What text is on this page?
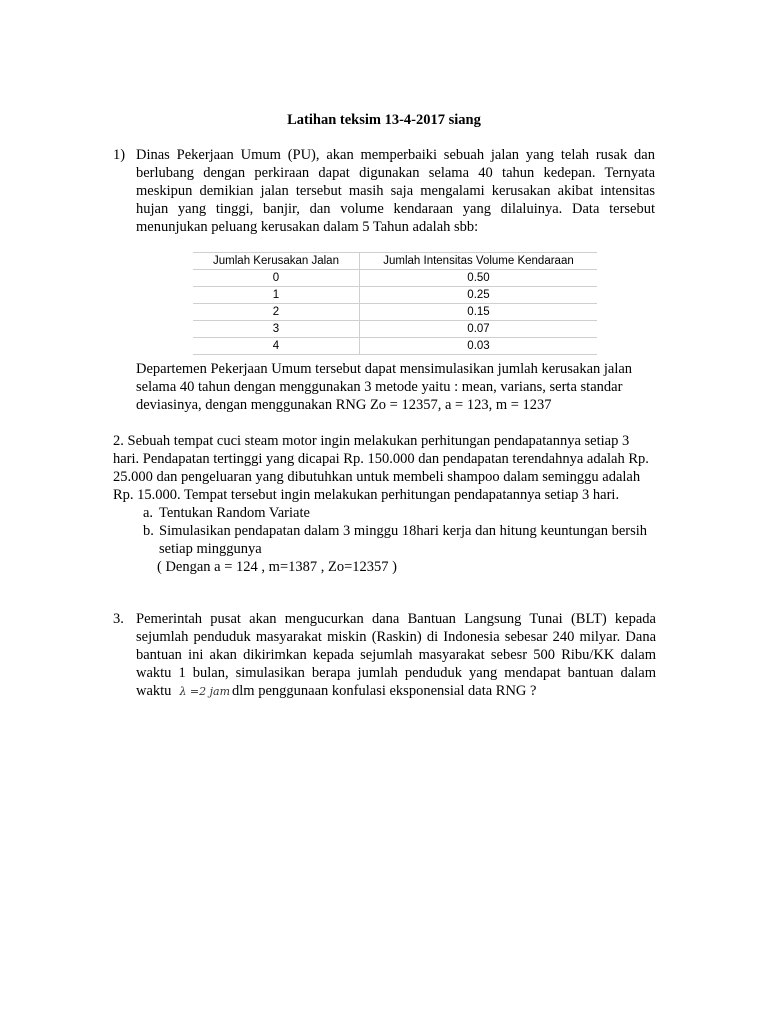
Latihan teksim 13-4-2017 siang
1) Dinas Pekerjaan Umum (PU), akan memperbaiki sebuah jalan yang telah rusak dan berlubang dengan perkiraan dapat digunakan selama 40 tahun kedepan. Ternyata meskipun demikian jalan tersebut masih saja mengalami kerusakan akibat intensitas hujan yang tinggi, banjir, dan volume kendaraan yang dilaluinya. Data tersebut menunjukan peluang kerusakan dalam 5 Tahun adalah sbb:
Jumlah Kerusakan Jalan	Jumlah Intensitas Volume Kendaraan
0	0.50
1	0.25
2	0.15
3	0.07
4	0.03
Departemen Pekerjaan Umum tersebut dapat mensimulasikan jumlah kerusakan jalan selama 40 tahun dengan menggunakan 3 metode yaitu : mean, varians, serta standar deviasinya, dengan menggunakan RNG Zo = 12357, a = 123, m = 1237
2. Sebuah tempat cuci steam motor ingin melakukan perhitungan pendapatannya setiap 3 hari. Pendapatan tertinggi yang dicapai Rp. 150.000 dan pendapatan terendahnya adalah Rp. 25.000 dan pengeluaran yang dibutuhkan untuk membeli shampoo dalam seminggu adalah Rp. 15.000. Tempat tersebut ingin melakukan perhitungan pendapatannya setiap 3 hari.
a. Tentukan Random Variate
b. Simulasikan pendapatan dalam 3 minggu 18hari kerja dan hitung keuntungan bersih setiap minggunya
( Dengan a = 124 , m=1387 , Zo=12357 )
3. Pemerintah pusat akan mengucurkan dana Bantuan Langsung Tunai (BLT) kepada sejumlah penduduk masyarakat miskin (Raskin) di Indonesia sebesar 240 milyar. Dana bantuan ini akan dikirimkan kepada sejumlah masyarakat sebesr 500 Ribu/KK dalam waktu 1 bulan, simulasikan berapa jumlah penduduk yang mendapat bantuan dalam waktu λ =2 jam dlm penggunaan konfulasi eksponensial data RNG ?
